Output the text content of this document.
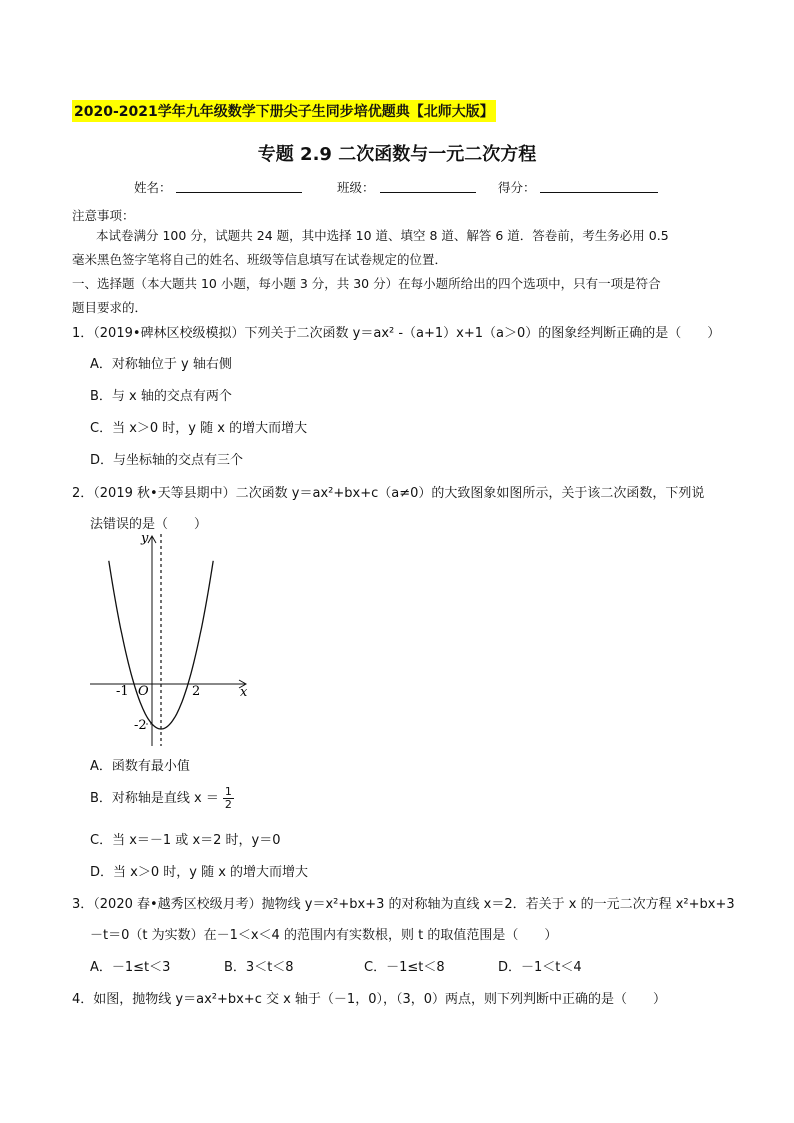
2020-2021学年九年级数学下册尖子生同步培优题典【北师大版】
专题 2.9 二次函数与一元二次方程
姓名：	班级：	得分：
注意事项：
本试卷满分 100 分，试题共 24 题，其中选择 10 道、填空 8 道、解答 6 道．答卷前，考生务必用 0.5
毫米黑色签字笔将自己的姓名、班级等信息填写在试卷规定的位置．
一、选择题（本大题共 10 小题，每小题 3 分，共 30 分）在每小题所给出的四个选项中，只有一项是符合
题目要求的．
1．（2019•碑林区校级模拟）下列关于二次函数 y＝ax² -（a+1）x+1（a＞0）的图象经判断正确的是（　　）
A．对称轴位于 y 轴右侧
B．与 x 轴的交点有两个
C．当 x＞0 时，y 随 x 的增大而增大
D．与坐标轴的交点有三个
2．（2019 秋•天等县期中）二次函数 y＝ax²+bx+c（a≠0）的大致图象如图所示，关于该二次函数，下列说
法错误的是（　　）
y
x
O
-1	2
-2
A．函数有最小值
B．对称轴是直线 $x = \frac{1}{2}$
C．当 x＝－1 或 x＝2 时，y＝0
D．当 x＞0 时，y 随 x 的增大而增大
3．（2020 春•越秀区校级月考）抛物线 y＝x²+bx+3 的对称轴为直线 x＝2．若关于 x 的一元二次方程 x²+bx+3
－t＝0（t 为实数）在－1＜x＜4 的范围内有实数根，则 t 的取值范围是（　　）
A．－1≤t＜3	B．3＜t＜8	C．－1≤t＜8	D．－1＜t＜4
4．如图，抛物线 y＝ax²+bx+c 交 x 轴于（－1，0），（3，0）两点，则下列判断中正确的是（　　）
